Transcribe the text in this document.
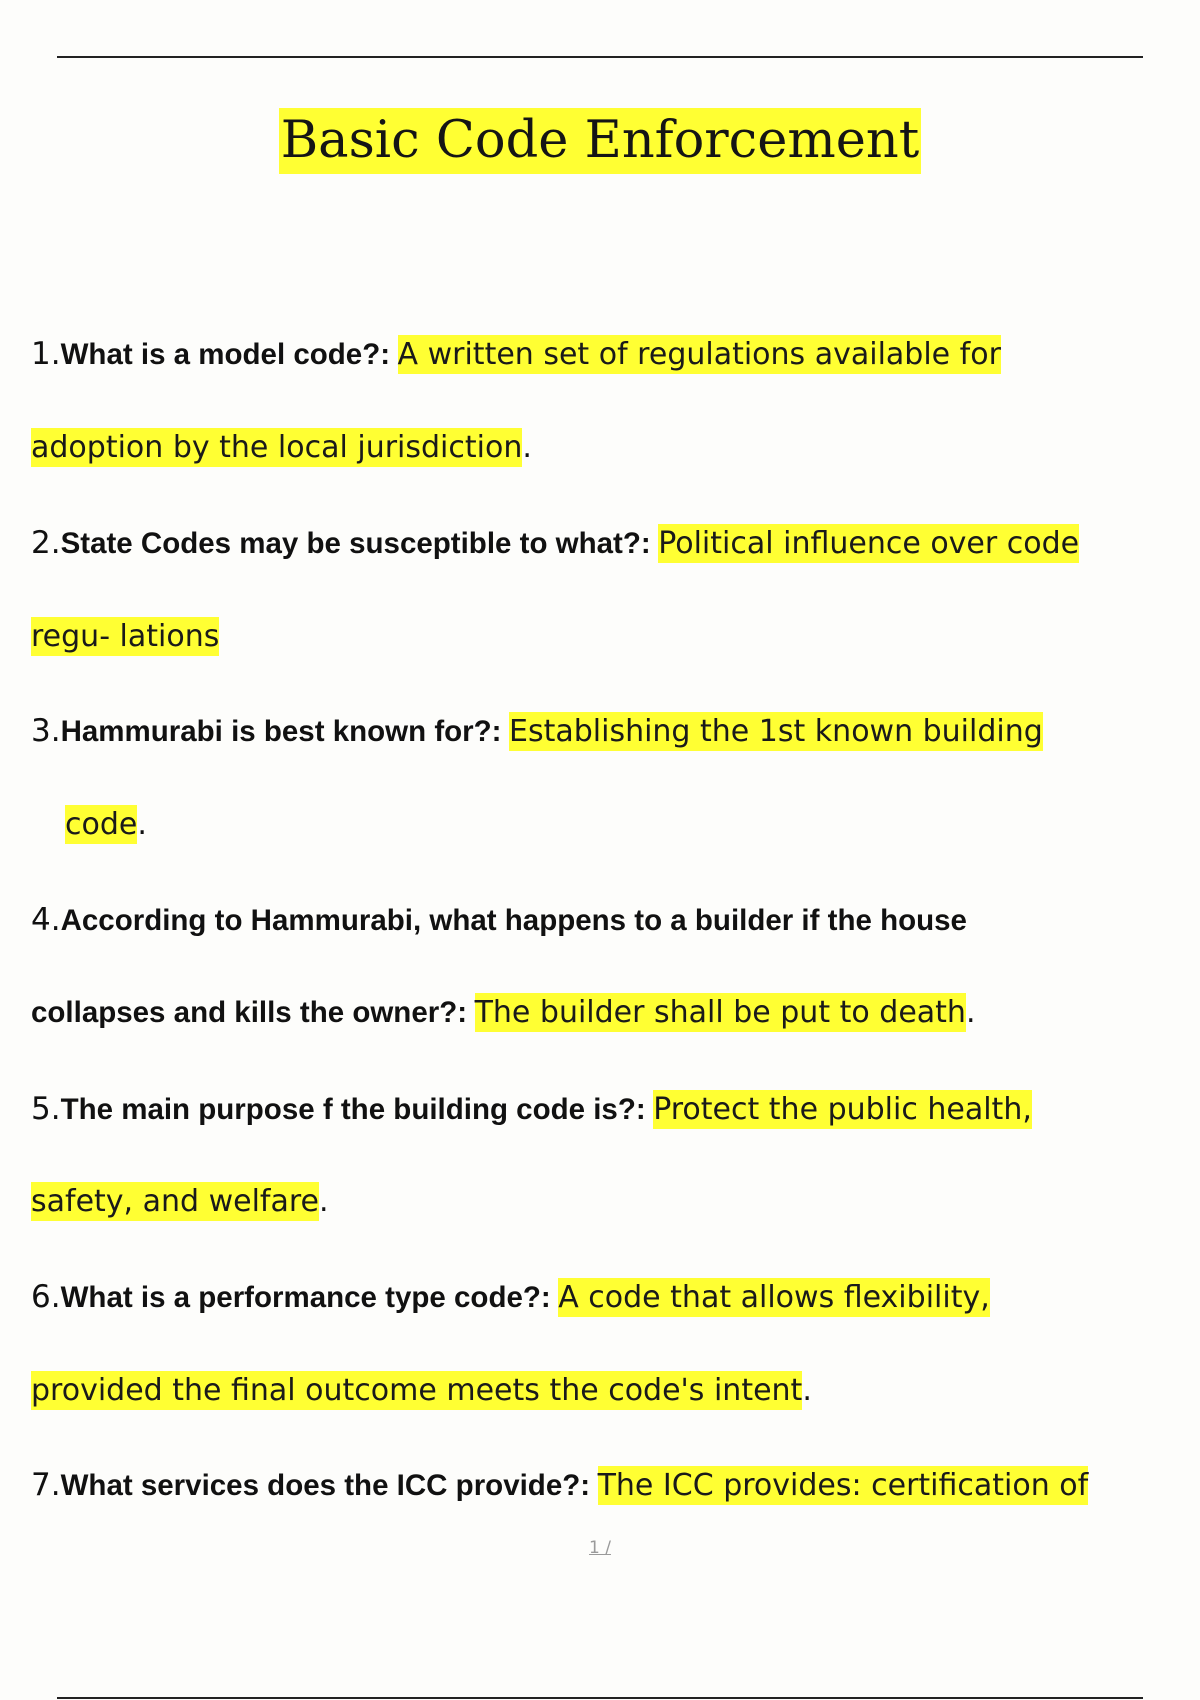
Basic Code Enforcement
1.What is a model code?: A written set of regulations available for
adoption by the local jurisdiction.
2.State Codes may be susceptible to what?: Political influence over code
regu- lations
3.Hammurabi is best known for?: Establishing the 1st known building
code.
4.According to Hammurabi, what happens to a builder if the house
collapses and kills the owner?: The builder shall be put to death.
5.The main purpose f the building code is?: Protect the public health,
safety, and welfare.
6.What is a performance type code?: A code that allows flexibility,
provided the final outcome meets the code's intent.
7.What services does the ICC provide?: The ICC provides: certification of
1 /
